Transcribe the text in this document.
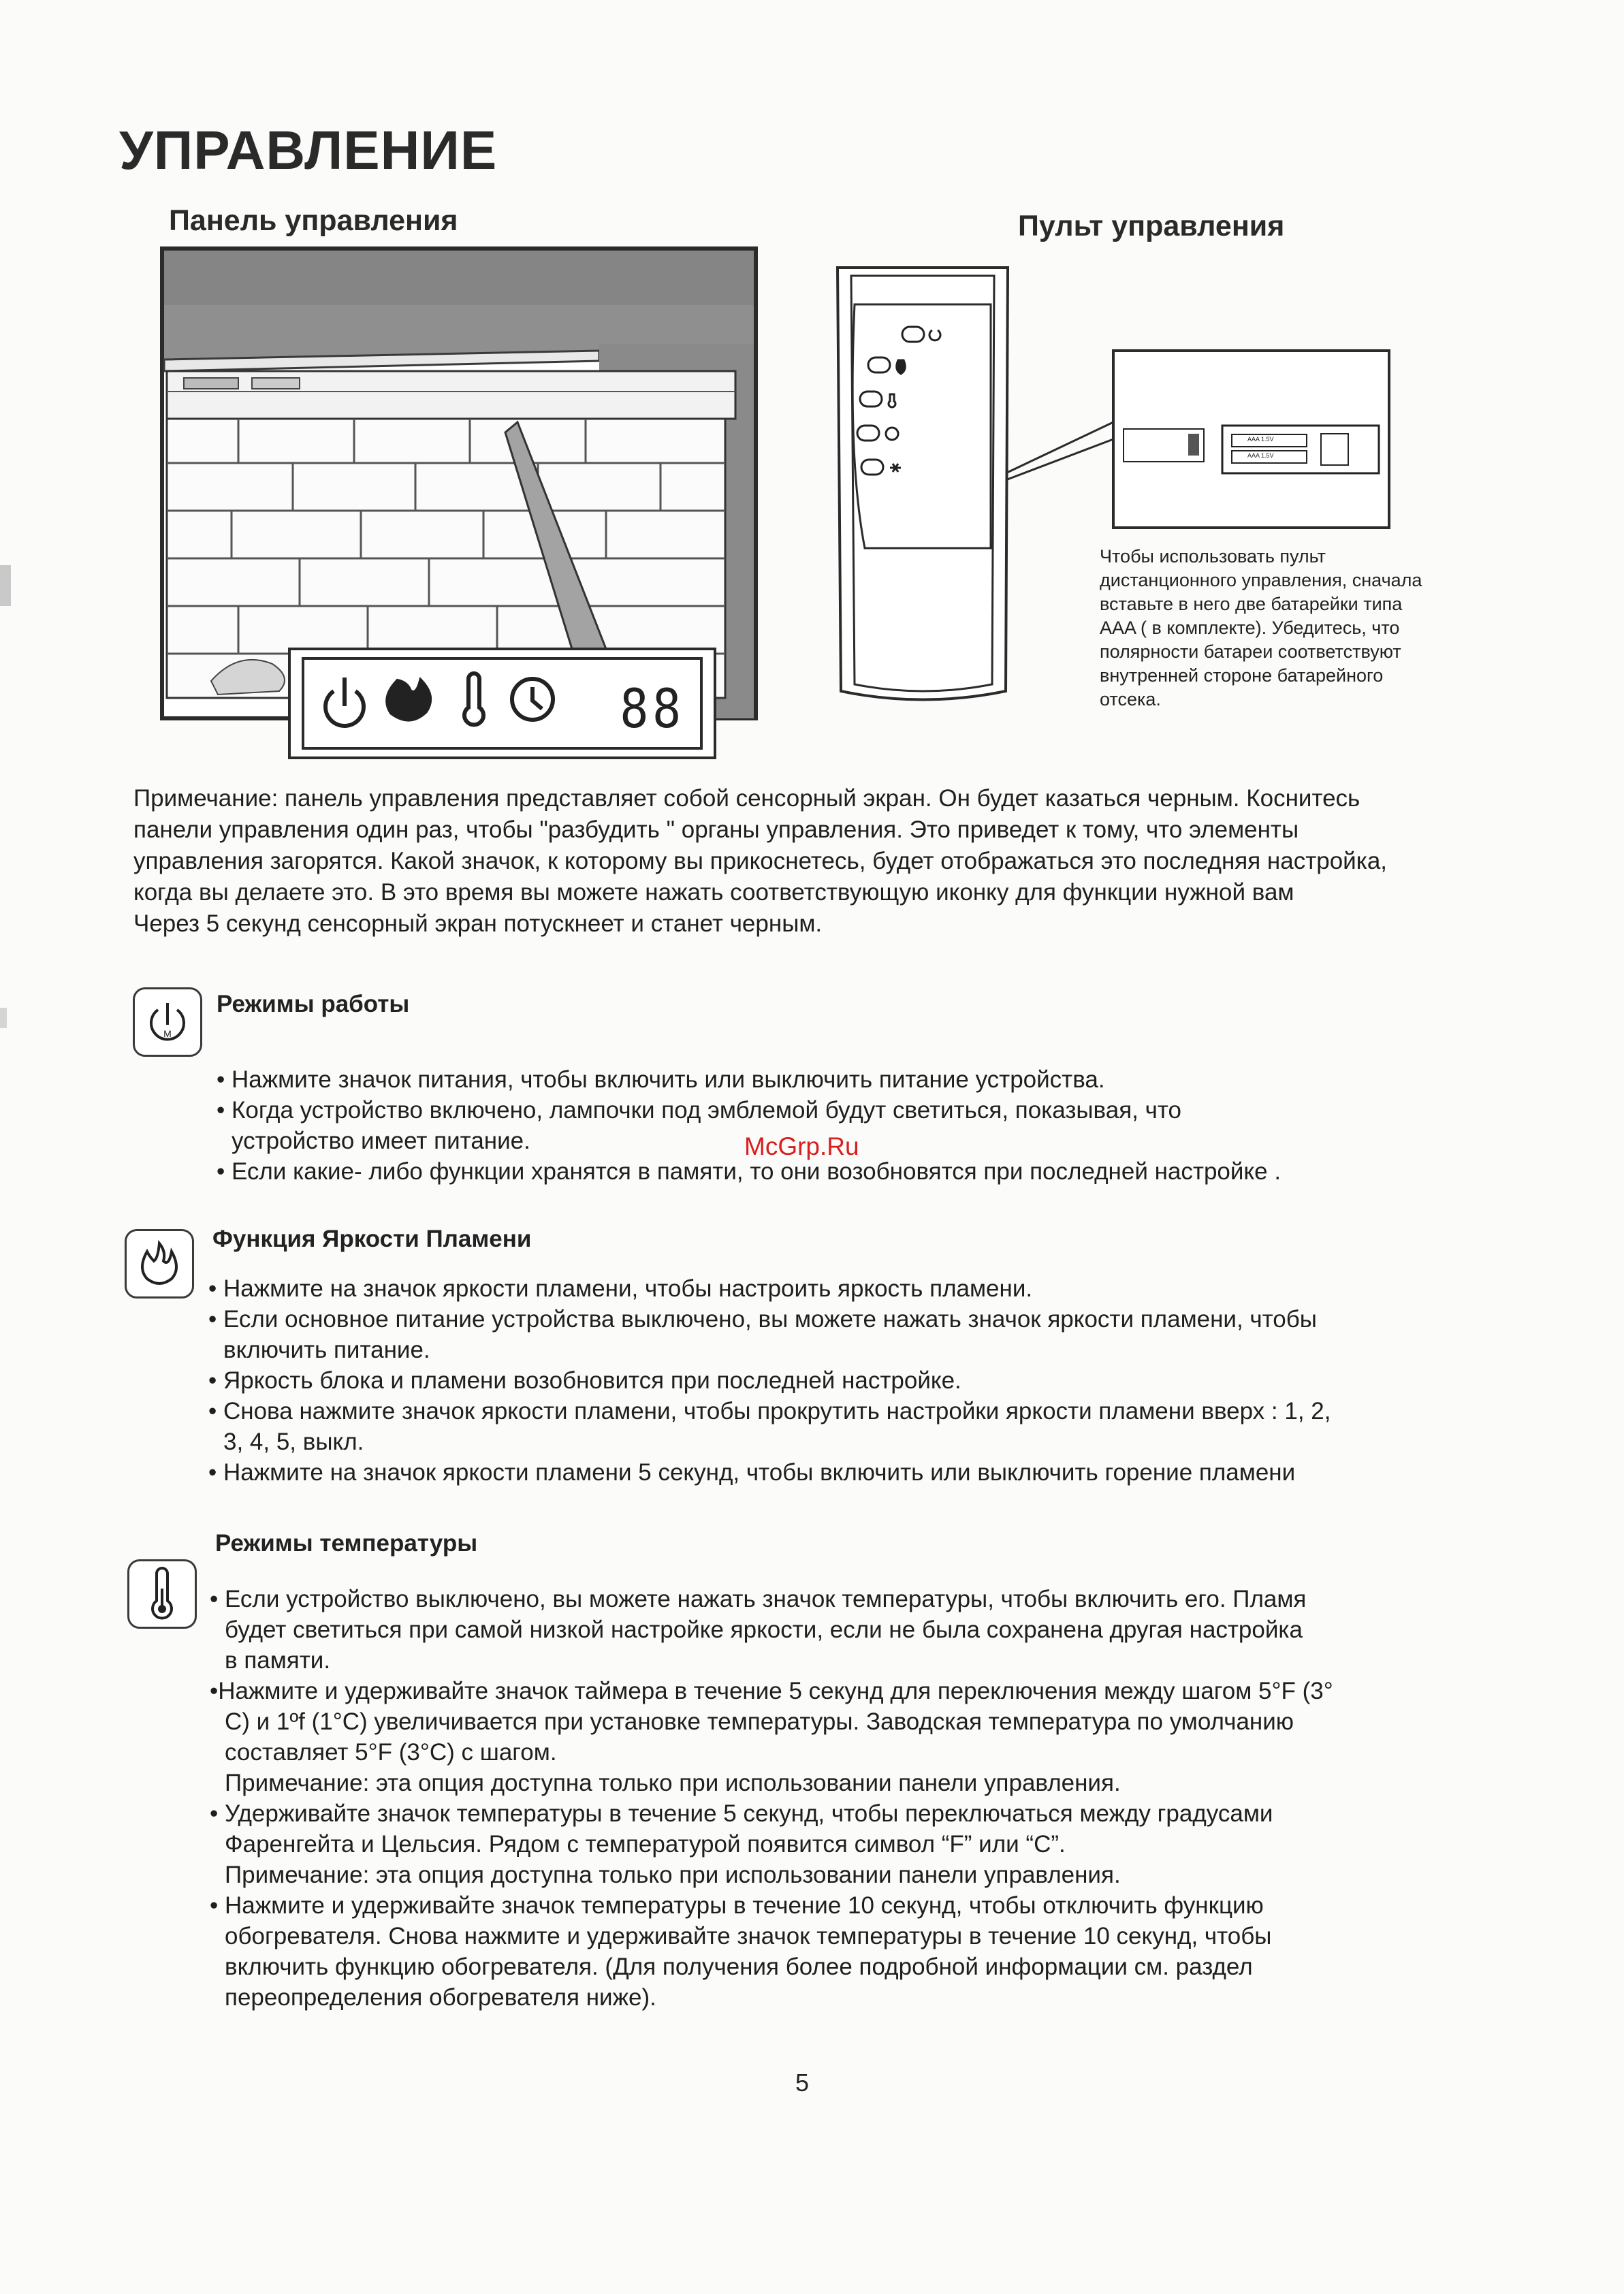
УПРАВЛЕНИЕ
Панель управления	Пульт управления
88
AAA 1.5V
AAA 1.5V
Чтобы использовать пульт
дистанционного управления, сначала
вставьте в него две батарейки типа
AAA ( в комплекте). Убедитесь, что
полярности батареи соответствуют
внутренней стороне батарейного
отсека.
Примечание: панель управления представляет собой сенсорный экран. Он будет казаться черным. Коснитесь
панели управления один раз, чтобы "разбудить " органы управления. Это приведет к тому, что элементы
управления загорятся. Какой значок, к которому вы прикоснетесь, будет отображаться это последняя настройка,
когда вы делаете это. В это время вы можете нажать соответствующую иконку для функции нужной вам
Через 5 секунд сенсорный экран потускнеет и станет черным.
M
Режимы работы
• Нажмите значок питания, чтобы включить или выключить питание устройства.
• Когда устройство включено, лампочки под эмблемой будут светиться, показывая, что
устройство имеет питание.
• Если какие- либо функции хранятся в памяти, то они возобновятся при последней настройке .
Функция Яркости Пламени
• Нажмите на значок яркости пламени, чтобы настроить яркость пламени.
• Если основное питание устройства выключено, вы можете нажать значок яркости пламени, чтобы
включить питание.
• Яркость блока и пламени возобновится при последней настройке.
• Снова нажмите значок яркости пламени, чтобы прокрутить настройки яркости пламени вверх : 1, 2,
3, 4, 5, выкл.
• Нажмите на значок яркости пламени 5 секунд, чтобы включить или выключить горение пламени
Режимы температуры
• Если устройство выключено, вы можете нажать значок температуры, чтобы включить его. Пламя
будет светиться при самой низкой настройке яркости, если не была сохранена другая настройка
в памяти.
•Нажмите и удерживайте значок таймера в течение 5 секунд для переключения между шагом 5°F (3°
C) и 1ºf (1°C) увеличивается при установке температуры. Заводская температура по умолчанию
составляет 5°F (3°C) с шагом.
Примечание: эта опция доступна только при использовании панели управления.
• Удерживайте значок температуры в течение 5 секунд, чтобы переключаться между градусами
Фаренгейта и Цельсия. Рядом с температурой появится символ “F” или “C”.
Примечание: эта опция доступна только при использовании панели управления.
• Нажмите и удерживайте значок температуры в течение 10 секунд, чтобы отключить функцию
обогревателя. Снова нажмите и удерживайте значок температуры в течение 10 секунд, чтобы
включить функцию обогревателя. (Для получения более подробной информации см. раздел
переопределения обогревателя ниже).
McGrp.Ru
5
